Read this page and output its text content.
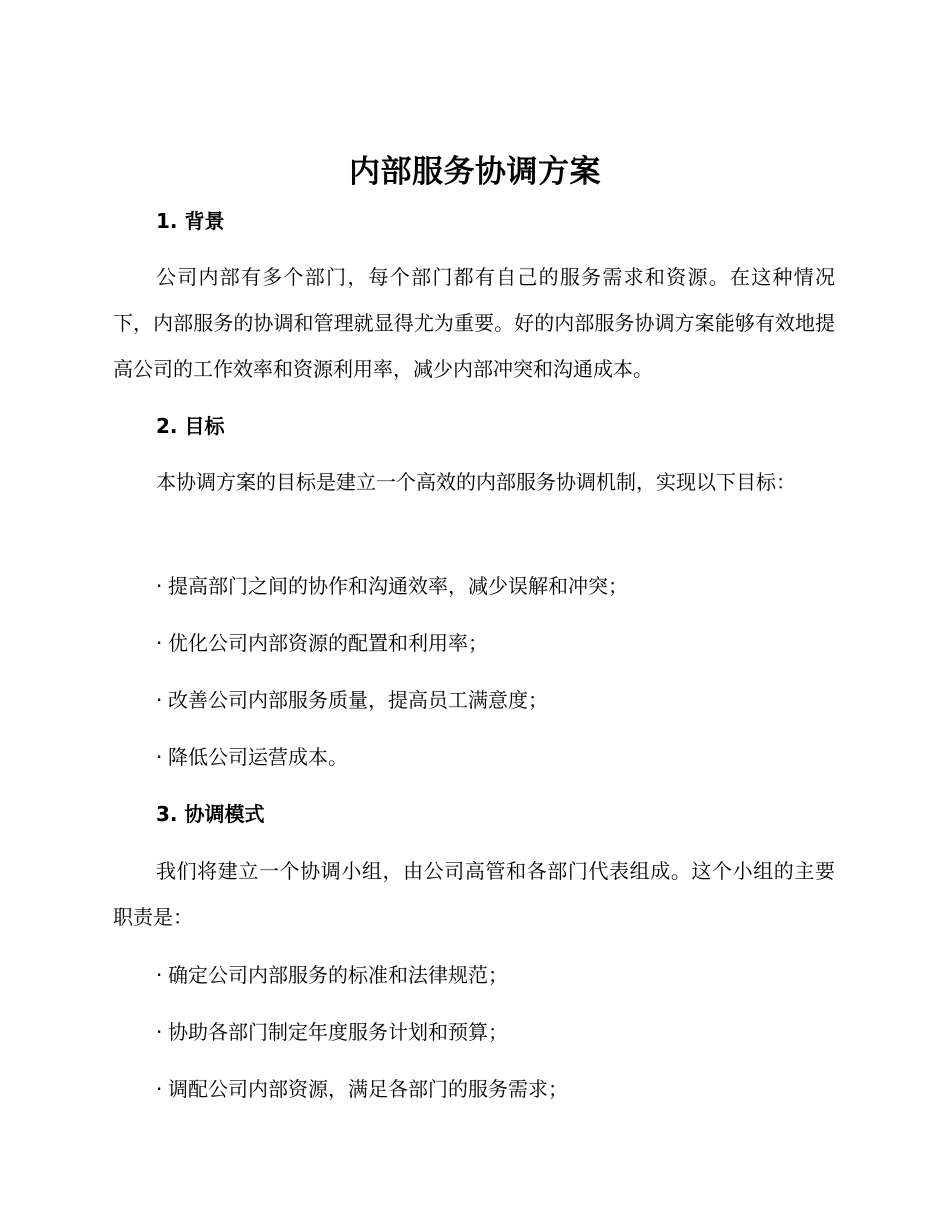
内部服务协调方案
1. 背景
公司内部有多个部门，每个部门都有自己的服务需求和资源。在这种情况下，内部服务的协调和管理就显得尤为重要。好的内部服务协调方案能够有效地提高公司的工作效率和资源利用率，减少内部冲突和沟通成本。
2. 目标
本协调方案的目标是建立一个高效的内部服务协调机制，实现以下目标：
· 提高部门之间的协作和沟通效率，减少误解和冲突；
· 优化公司内部资源的配置和利用率；
· 改善公司内部服务质量，提高员工满意度；
· 降低公司运营成本。
3. 协调模式
我们将建立一个协调小组，由公司高管和各部门代表组成。这个小组的主要职责是：
· 确定公司内部服务的标准和法律规范；
· 协助各部门制定年度服务计划和预算；
· 调配公司内部资源，满足各部门的服务需求；
